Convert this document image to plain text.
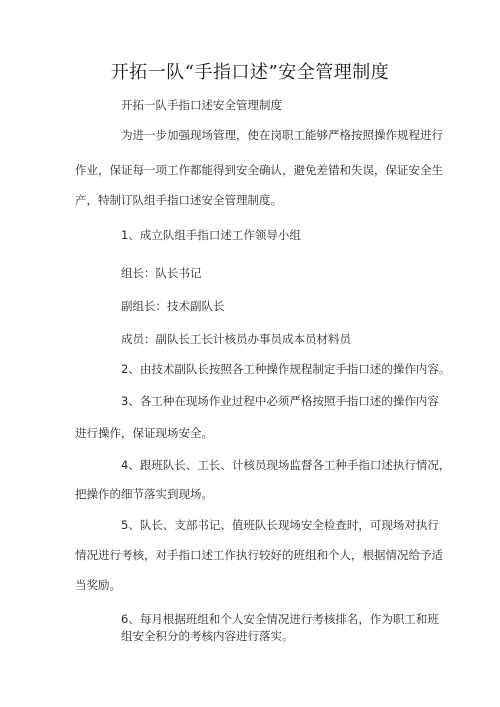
开拓一队“手指口述”安全管理制度
开拓一队手指口述安全管理制度
为进一步加强现场管理，使在岗职工能够严格按照操作规程进行
作业，保证每一项工作都能得到安全确认，避免差错和失误，保证安全生
产，特制订队组手指口述安全管理制度。
1、成立队组手指口述工作领导小组
组长：队长书记
副组长：技术副队长
成员：副队长工长计核员办事员成本员材料员
2、由技术副队长按照各工种操作规程制定手指口述的操作内容。
3、各工种在现场作业过程中必须严格按照手指口述的操作内容
进行操作，保证现场安全。
4、跟班队长、工长、计核员现场监督各工种手指口述执行情况，
把操作的细节落实到现场。
5、队长、支部书记、值班队长现场安全检查时，可现场对执行
情况进行考核，对手指口述工作执行较好的班组和个人，根据情况给予适
当奖励。
6、每月根据班组和个人安全情况进行考核排名，作为职工和班
组安全积分的考核内容进行落实。
